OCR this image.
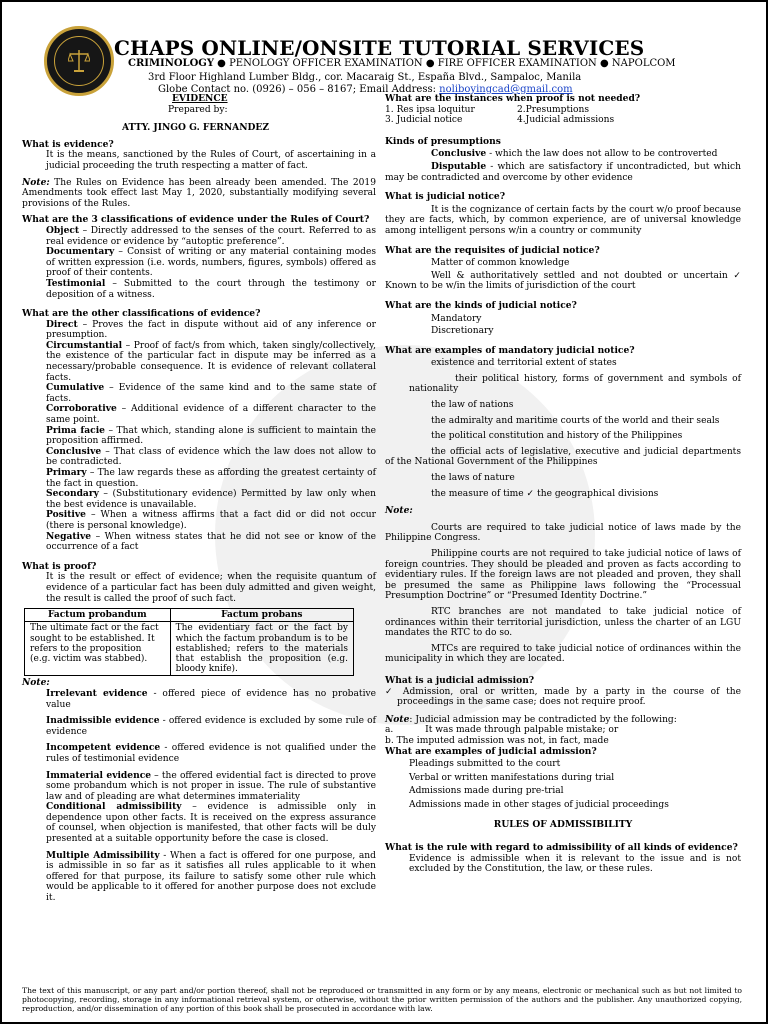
CHAPS ONLINE/ONSITE TUTORIAL SERVICES
CRIMINOLOGY ● PENOLOGY OFFICER EXAMINATION ● FIRE OFFICER EXAMINATION ● NAPOLCOM
3rd Floor Highland Lumber Bldg., cor. Macaraig St., España Blvd., Sampaloc, Manila
Globe Contact no. (0926) – 056 – 8167; Email Address: noliboyingcad@gmail.com
EVIDENCE
Prepared by:
ATTY. JINGO G. FERNANDEZ
What is evidence?

It is the means, sanctioned by the Rules of Court, of ascertaining in a judicial proceeding the truth respecting a matter of fact.

Note: The Rules on Evidence has been already been amended. The 2019 Amendments took effect last May 1, 2020, substantially modifying several provisions of the Rules.

What are the 3 classifications of evidence under the Rules of Court?

Object – Directly addressed to the senses of the court. Referred to as real evidence or evidence by “autoptic preference”.

Documentary – Consist of writing or any material containing modes of written expression (i.e. words, numbers, figures, symbols) offered as proof of their contents.

Testimonial – Submitted to the court through the testimony or deposition of a witness.

What are the other classifications of evidence?

Direct – Proves the fact in dispute without aid of any inference or presumption.

Circumstantial – Proof of fact/s from which, taken singly/collectively, the existence of the particular fact in dispute may be inferred as a necessary/probable consequence. It is evidence of relevant collateral facts.

Cumulative – Evidence of the same kind and to the same state of facts.

Corroborative – Additional evidence of a different character to the same point.

Prima facie – That which, standing alone is sufficient to maintain the proposition affirmed.

Conclusive – That class of evidence which the law does not allow to be contradicted.

Primary – The law regards these as affording the greatest certainty of the fact in question.

Secondary – (Substitutionary evidence) Permitted by law only when the best evidence is unavailable.

Positive – When a witness affirms that a fact did or did not occur (there is personal knowledge).

Negative – When witness states that he did not see or know of the occurrence of a fact

What is proof?

It is the result or effect of evidence; when the requisite quantum of evidence of a particular fact has been duly admitted and given weight, the result is called the proof of such fact.

Factum probandum	Factum probans
The ultimate fact or the fact sought to be established. It refers to the proposition (e.g. victim was stabbed).	The evidentiary fact or the fact by which the factum probandum is to be established; refers to the materials that establish the proposition (e.g. bloody knife).
Note:

Irrelevant evidence - offered piece of evidence has no probative value

Inadmissible evidence - offered evidence is excluded by some rule of evidence

Incompetent evidence - offered evidence is not qualified under the rules of testimonial evidence

Immaterial evidence – the offered evidential fact is directed to prove some probandum which is not proper in issue. The rule of substantive law and of pleading are what determines immateriality

Conditional admissibility – evidence is admissible only in dependence upon other facts. It is received on the express assurance of counsel, when objection is manifested, that other facts will be duly presented at a suitable opportunity before the case is closed.

Multiple Admissibility - When a fact is offered for one purpose, and is admissible in so far as it satisfies all rules applicable to it when offered for that purpose, its failure to satisfy some other rule which would be applicable to it offered for another purpose does not exclude it.

What are the instances when proof is not needed?
1. Res ipsa loquitur	2.Presumptions
3. Judicial notice	4.Judicial admissions
Kinds of presumptions

Conclusive - which the law does not allow to be controverted

Disputable - which are satisfactory if uncontradicted, but which may be contradicted and overcome by other evidence

What is judicial notice?

It is the cognizance of certain facts by the court w/o proof because they are facts, which, by common experience, are of universal knowledge among intelligent persons w/in a country or community

What are the requisites of judicial notice?

Matter of common knowledge

Well & authoritatively settled and not doubted or uncertain ✓ Known to be w/in the limits of jurisdiction of the court

What are the kinds of judicial notice?

Mandatory

Discretionary

What are examples of mandatory judicial notice?

existence and territorial extent of states

their political history, forms of government and symbols of nationality

the law of nations

the admiralty and maritime courts of the world and their seals

the political constitution and history of the Philippines

the official acts of legislative, executive and judicial departments of the National Government of the Philippines

the laws of nature

the measure of time ✓ the geographical divisions

Note:

Courts are required to take judicial notice of laws made by the Philippine Congress.

Philippine courts are not required to take judicial notice of laws of foreign countries. They should be pleaded and proven as facts according to evidentiary rules. If the foreign laws are not pleaded and proven, they shall be presumed the same as Philippine laws following the “Processual Presumption Doctrine” or “Presumed Identity Doctrine.”

RTC branches are not mandated to take judicial notice of ordinances within their territorial jurisdiction, unless the charter of an LGU mandates the RTC to do so.

MTCs are required to take judicial notice of ordinances within the municipality in which they are located.

What is a judicial admission?

✓ Admission, oral or written, made by a party in the course of the proceedings in the same case; does not require proof.

Note: Judicial admission may be contradicted by the following:

a.           It was made through palpable mistake; or

b. The imputed admission was not, in fact, made

What are examples of judicial admission?

Pleadings submitted to the court

Verbal or written manifestations during trial

Admissions made during pre-trial

Admissions made in other stages of judicial proceedings

RULES OF ADMISSIBILITY
What is the rule with regard to admissibility of all kinds of evidence?

Evidence is admissible when it is relevant to the issue and is not excluded by the Constitution, the law, or these rules.

The text of this manuscript, or any part and/or portion thereof, shall not be reproduced or transmitted in any form or by any means, electronic or mechanical such as but not limited to photocopying, recording, storage in any informational retrieval system, or otherwise, without the prior written permission of the authors and the publisher. Any unauthorized copying, reproduction, and/or dissemination of any portion of this book shall be prosecuted in accordance with law.
